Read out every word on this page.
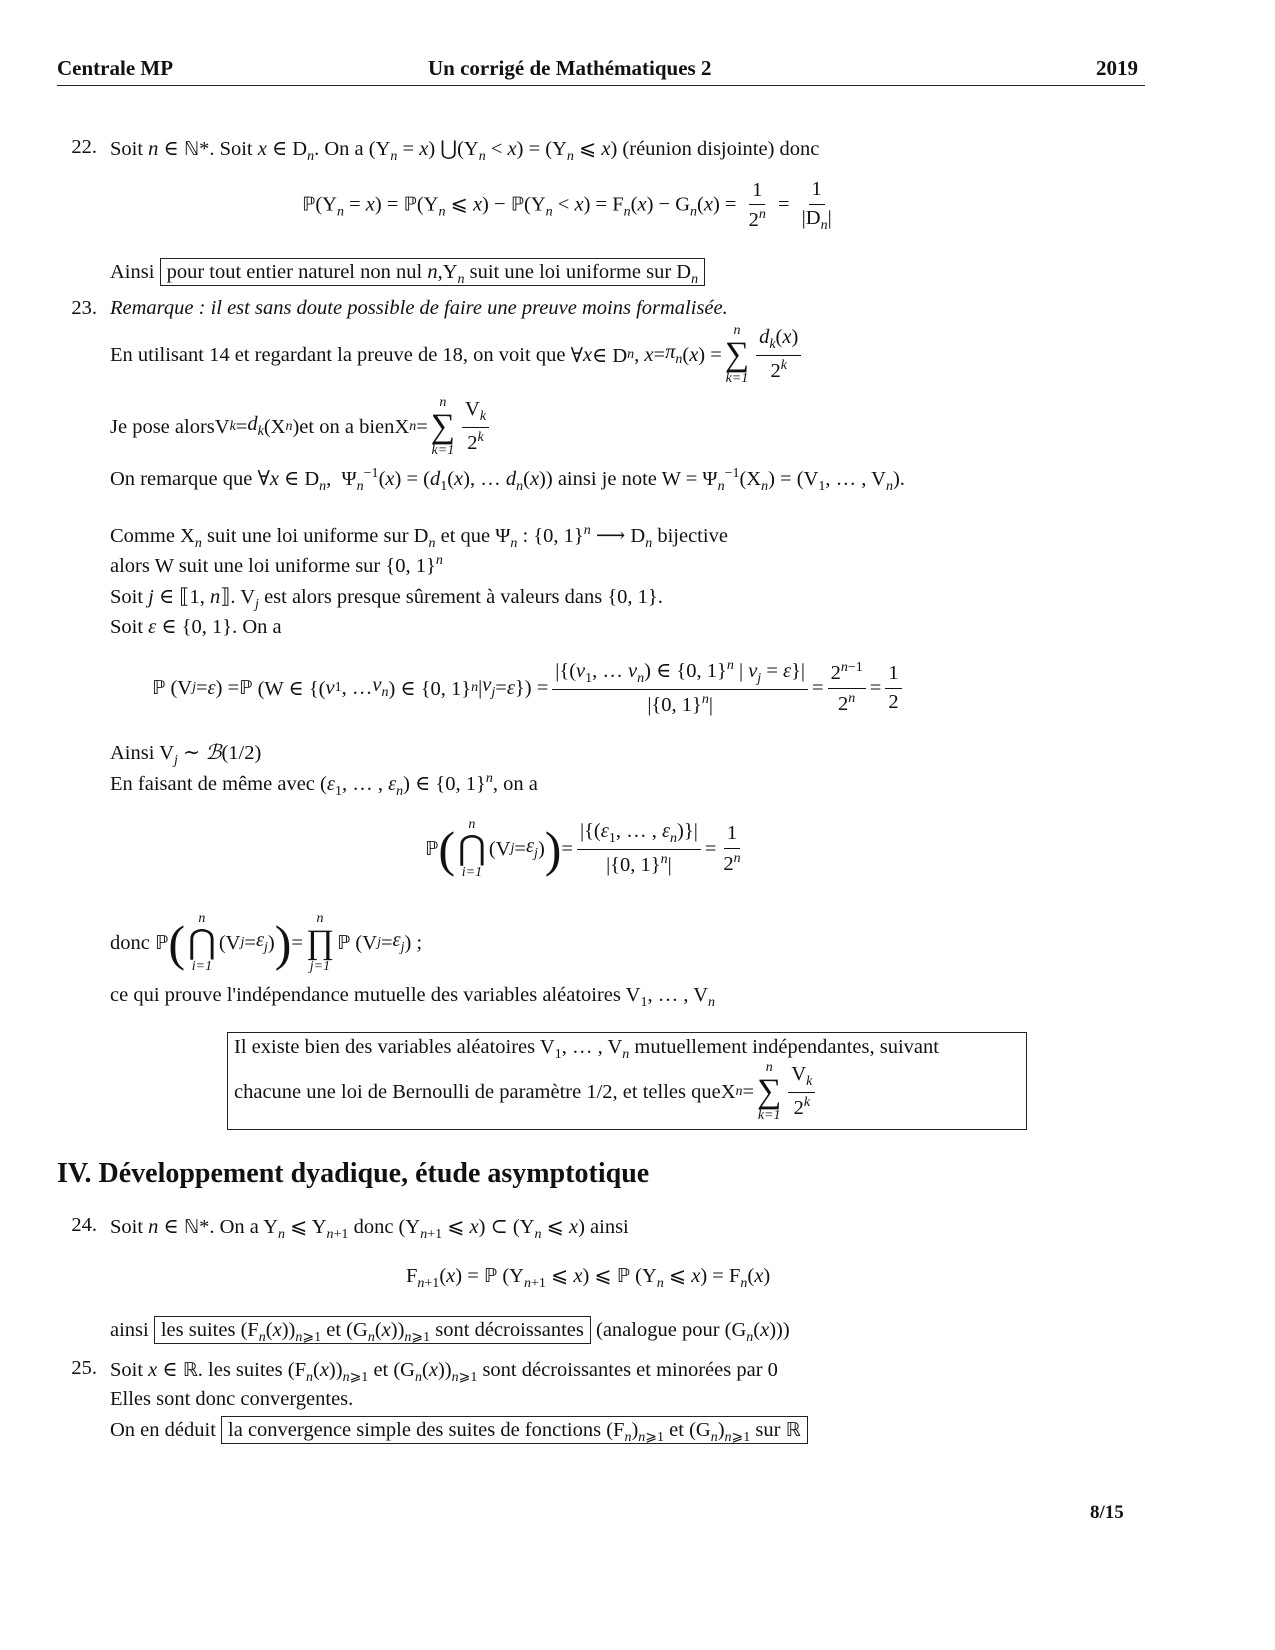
Centrale MP	Un corrigé de Mathématiques 2	2019
22. Soit n ∈ ℕ*. Soit x ∈ $D_n$. On a $(Y_n = x)$ $⋃(Y_n < x) = (Y_n$ ⩽ x) (réunion disjointe) donc
$ℙ(Y_n = x)$ = $ℙ(Y_n$ ⩽ $x) - ℙ(Y_n < x) = F_n(x) - G_n(x) = \frac{1}{2^n} = \frac{1}{|D_n|}$
Ainsi pour tout entier naturel non nul $n,Y_n$ suit une loi uniforme sur $D_n$
23. Remarque : il est sans doute possible de faire une preuve moins formalisée.
En utilisant 14 et regardant la preuve de 18, on voit que ∀ x ∈ D n , $x = \pi_n$ ( x ) =
n
∑
$k=1 \frac{d_k(x)}{2^k}$
Je pose alors V $k = d_k$ (X n ) et on a bien X n =
n
∑
$k=1 \frac{V_k}{2^k}$
On remarque que ∀x ∈ $D_n$,  $\Psi_n^{-1}(x) = (d_1(x)$, … $d_n(x)$) ainsi je note $W = \Psi_n^{-1}(X_n) = (V_1$, … , $V_n$).
Comme $X_n$ suit une loi uniforme sur $D_n$ et que $\Psi_n$ : {0, 1}$^n$ ⟶ $D_n$ bijective
alors W suit une loi uniforme sur {0, 1}$^n$
Soit j ∈ ⟦1, n⟧. $V_j$ est alors presque sûrement à valeurs dans {0, 1}.
Soit ε ∈ {0, 1}. On a
ℙ (V j = ε ) = ℙ (W ∈ {( v 1 , … $v_n$ ) ∈ {0, 1} n | $v_j = \varepsilon$ }) = $\frac{|\{(v_1, \dots v_n) \in \{0, 1\}^n | v_j = \varepsilon\}|}{|\{0, 1\}^n|} = \frac{2^{n-1}}{2^n} = \frac{1}{2}$
Ainsi $V_j$ ∼ ℬ(1/2)
En faisant de même avec ($\varepsilon_1$, … , $\varepsilon_n$) ∈ {0, 1}$^n$, on a
ℙ ( n
⋂
i=1
(V $j = \varepsilon_j$ ) ) = $\frac{|\{(\varepsilon_1, \dots , \varepsilon_n)\}|}{|\{0, 1\}^n|} = \frac{1}{2^n}$
donc
ℙ ( n
⋂
i=1
(V $j = \varepsilon_j$ ) ) =
n
∏
j=1
ℙ (V $j = \varepsilon_j$ ) ;
ce qui prouve l'indépendance mutuelle des variables aléatoires $V_1$, … , $V_n$
Il existe bien des variables aléatoires $V_1$, … , $V_n$ mutuellement indépendantes, suivant
chacune une loi de Bernoulli de paramètre 1/2, et telles que X n =
n
∑
$k=1 \frac{V_k}{2^k}$
IV. Développement dyadique, étude asymptotique
24. Soit n ∈ ℕ*. On a $Y_n$ ⩽ $Y_{n+1}$ donc ($Y_{n+1}$ ⩽ x) ⊂ ($Y_n$ ⩽ x) ainsi
$F_{n+1}(x)$ = ℙ ($Y_{n+1}$ ⩽ x) ⩽ ℙ ($Y_n$ ⩽ $x) = F_n(x)$
ainsi les suites $(F_n(x))_{n⩾1}$ et $(G_n(x))_{n⩾1}$ sont décroissantes (analogue pour $(G_n(x))$)
25. Soit x ∈ ℝ. les suites $(F_n(x))_{n⩾1}$ et $(G_n(x))_{n⩾1}$ sont décroissantes et minorées par 0
Elles sont donc convergentes.
On en déduit la convergence simple des suites de fonctions $(F_n)_{n⩾1}$ et $(G_n)_{n⩾1}$ sur ℝ
8/15
